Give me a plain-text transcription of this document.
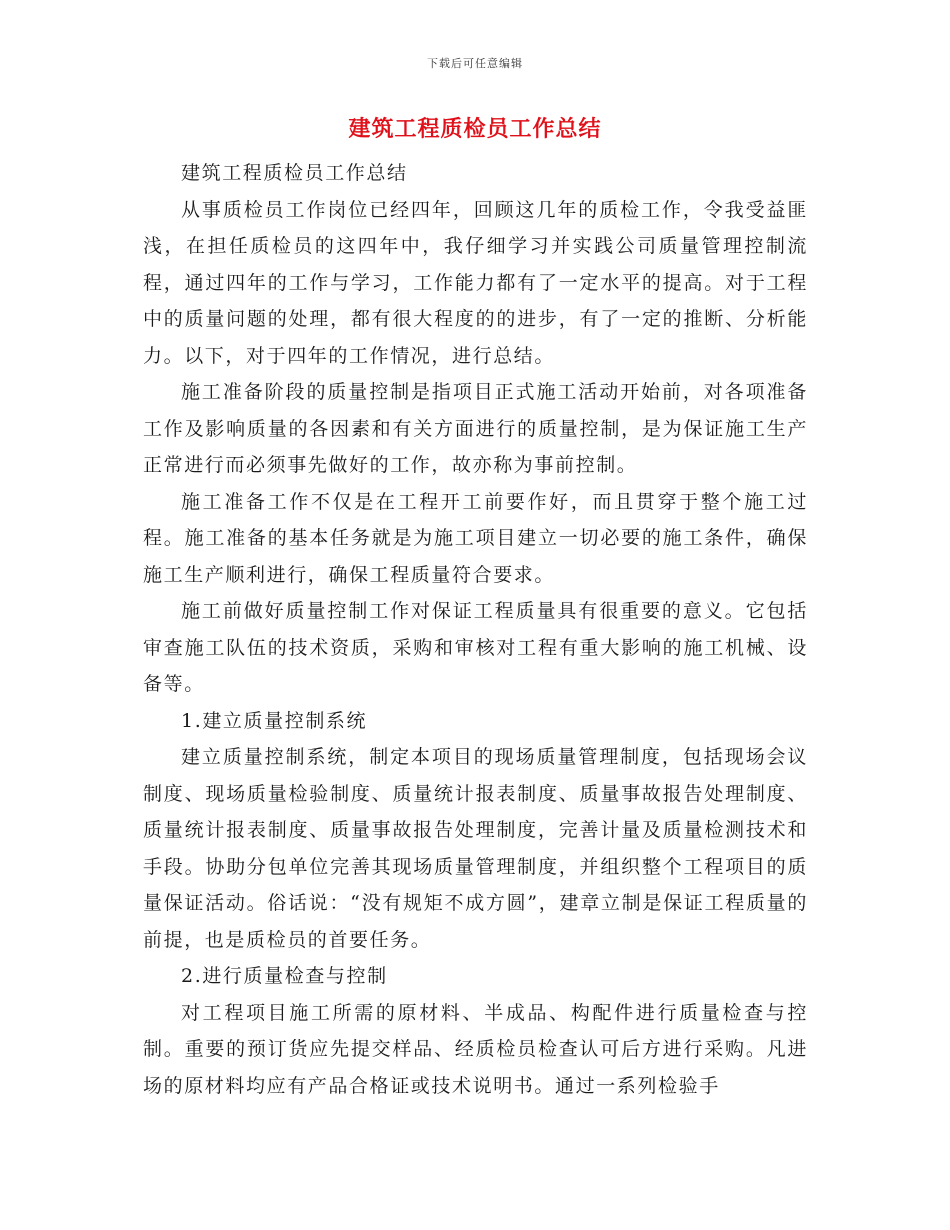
下载后可任意编辑
建筑工程质检员工作总结

建筑工程质检员工作总结

从事质检员工作岗位已经四年，回顾这几年的质检工作，令我受益匪浅，在担任质检员的这四年中，我仔细学习并实践公司质量管理控制流程，通过四年的工作与学习，工作能力都有了一定水平的提高。对于工程中的质量问题的处理，都有很大程度的的进步，有了一定的推断、分析能力。以下，对于四年的工作情况，进行总结。

施工准备阶段的质量控制是指项目正式施工活动开始前，对各项准备工作及影响质量的各因素和有关方面进行的质量控制，是为保证施工生产正常进行而必须事先做好的工作，故亦称为事前控制。

施工准备工作不仅是在工程开工前要作好，而且贯穿于整个施工过程。施工准备的基本任务就是为施工项目建立一切必要的施工条件，确保施工生产顺利进行，确保工程质量符合要求。

施工前做好质量控制工作对保证工程质量具有很重要的意义。它包括审查施工队伍的技术资质，采购和审核对工程有重大影响的施工机械、设备等。

1.建立质量控制系统

建立质量控制系统，制定本项目的现场质量管理制度，包括现场会议制度、现场质量检验制度、质量统计报表制度、质量事故报告处理制度、质量统计报表制度、质量事故报告处理制度，完善计量及质量检测技术和手段。协助分包单位完善其现场质量管理制度，并组织整个工程项目的质量保证活动。俗话说：“没有规矩不成方圆”，建章立制是保证工程质量的前提，也是质检员的首要任务。

2.进行质量检查与控制

对工程项目施工所需的原材料、半成品、构配件进行质量检查与控制。重要的预订货应先提交样品、经质检员检查认可后方进行采购。凡进场的原材料均应有产品合格证或技术说明书。通过一系列检验手
